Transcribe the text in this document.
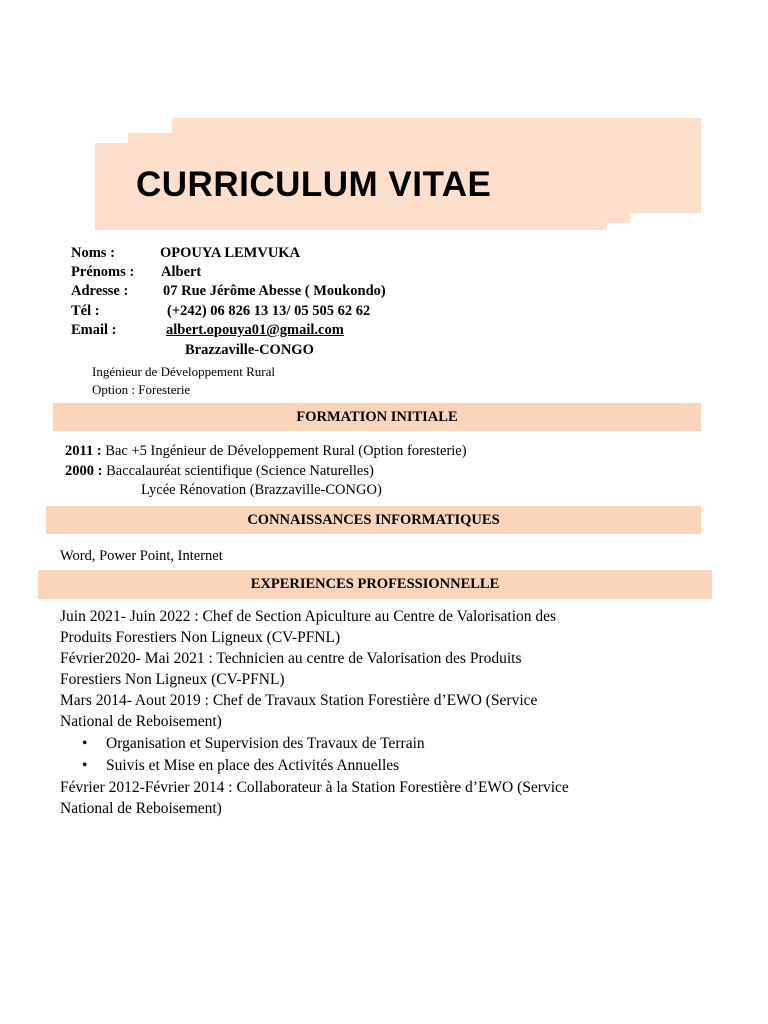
CURRICULUM VITAE
Noms :	OPOUYA LEMVUKA
Prénoms : Albert
Adresse : 07 Rue Jérôme Abesse ( Moukondo)
Tél :	(+242) 06 826 13 13/ 05 505 62 62
Email :	albert.opouya01@gmail.com
Brazzaville-CONGO
Ingénieur de Développement Rural
Option : Foresterie
FORMATION INITIALE
2011 : Bac +5 Ingénieur de Développement Rural (Option foresterie)
2000 : Baccalauréat scientifique (Science Naturelles)
Lycée Rénovation (Brazzaville-CONGO)
CONNAISSANCES INFORMATIQUES
Word, Power Point, Internet
EXPERIENCES PROFESSIONNELLE
Juin 2021- Juin 2022 : Chef de Section Apiculture au Centre de Valorisation des
Produits Forestiers Non Ligneux (CV-PFNL)
Février2020- Mai 2021 : Technicien au centre de Valorisation des Produits
Forestiers Non Ligneux (CV-PFNL)
Mars 2014- Aout 2019 : Chef de Travaux Station Forestière d’EWO (Service
National de Reboisement)
• Organisation et Supervision des Travaux de Terrain
• Suivis et Mise en place des Activités Annuelles
Février 2012-Février 2014 : Collaborateur à la Station Forestière d’EWO (Service
National de Reboisement)
